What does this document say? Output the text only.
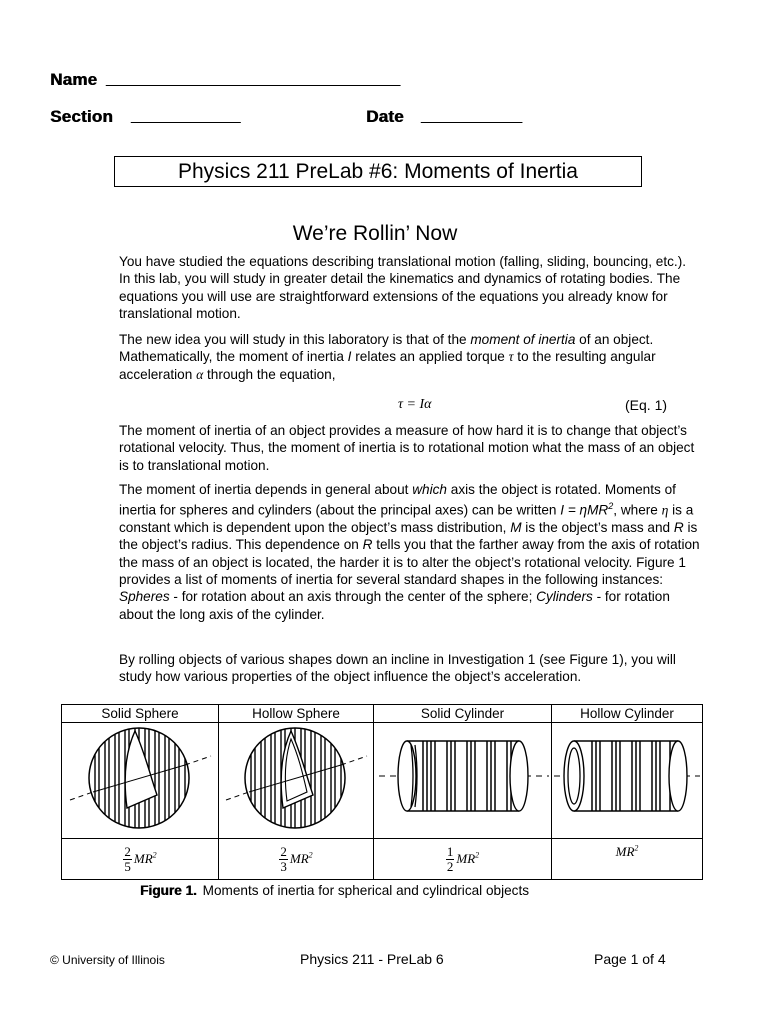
Name ___________________________________
Section _____________	Date ____________
Physics 211 PreLab #6: Moments of Inertia
We’re Rollin’ Now

You have studied the equations describing translational motion (falling, sliding, bouncing, etc.). In this lab, you will study in greater detail the kinematics and dynamics of rotating bodies. The equations you will use are straightforward extensions of the equations you already know for translational motion.

The new idea you will study in this laboratory is that of the moment of inertia of an object. Mathematically, the moment of inertia I relates an applied torque τ to the resulting angular acceleration α through the equation,

τ = Iα	(Eq. 1)

The moment of inertia of an object provides a measure of how hard it is to change that object’s rotational velocity. Thus, the moment of inertia is to rotational motion what the mass of an object is to translational motion.

The moment of inertia depends in general about which axis the object is rotated. Moments of inertia for spheres and cylinders (about the principal axes) can be written I = ηMR$^2$, where η is a constant which is dependent upon the object’s mass distribution, M is the object’s mass and R is the object’s radius. This dependence on R tells you that the farther away from the axis of rotation the mass of an object is located, the harder it is to alter the object’s rotational velocity. Figure 1 provides a list of moments of inertia for several standard shapes in the following instances: Spheres - for rotation about an axis through the center of the sphere; Cylinders - for rotation about the long axis of the cylinder.

By rolling objects of various shapes down an incline in Investigation 1 (see Figure 1), you will study how various properties of the object influence the object’s acceleration.

Solid Sphere	Hollow Sphere	Solid Cylinder	Hollow Cylinder

$\frac{2}{5} MR^2$	$\frac{2}{3} MR^2$	$\frac{1}{2} MR^2$	$MR^2$
Figure 1. Moments of inertia for spherical and cylindrical objects
© University of Illinois	Physics 211 - PreLab 6	Page 1 of 4
